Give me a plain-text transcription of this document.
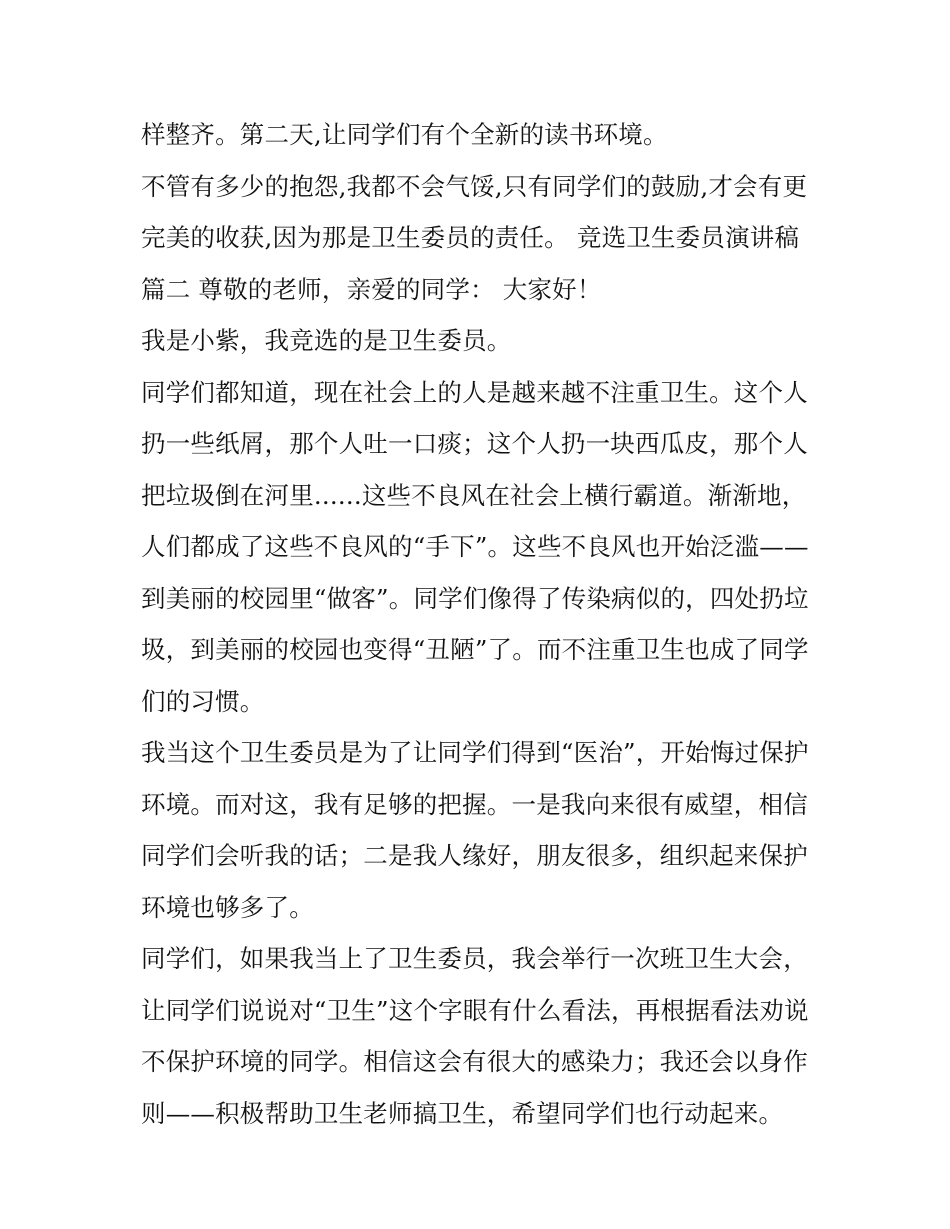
样整齐。第二天,让同学们有个全新的读书环境。
不管有多少的抱怨,我都不会气馁,只有同学们的鼓励,才会有更
完美的收获,因为那是卫生委员的责任。 竞选卫生委员演讲稿
篇二 尊敬的老师，亲爱的同学： 大家好！
我是小紫，我竞选的是卫生委员。
同学们都知道，现在社会上的人是越来越不注重卫生。这个人
扔一些纸屑，那个人吐一口痰；这个人扔一块西瓜皮，那个人
把垃圾倒在河里......这些不良风在社会上横行霸道。渐渐地，
人们都成了这些不良风的“手下”。这些不良风也开始泛滥——
到美丽的校园里“做客”。同学们像得了传染病似的，四处扔垃
圾，到美丽的校园也变得“丑陋”了。而不注重卫生也成了同学
们的习惯。
我当这个卫生委员是为了让同学们得到“医治”，开始悔过保护
环境。而对这，我有足够的把握。一是我向来很有威望，相信
同学们会听我的话；二是我人缘好，朋友很多，组织起来保护
环境也够多了。
同学们，如果我当上了卫生委员，我会举行一次班卫生大会，
让同学们说说对“卫生”这个字眼有什么看法，再根据看法劝说
不保护环境的同学。相信这会有很大的感染力；我还会以身作
则——积极帮助卫生老师搞卫生，希望同学们也行动起来。
